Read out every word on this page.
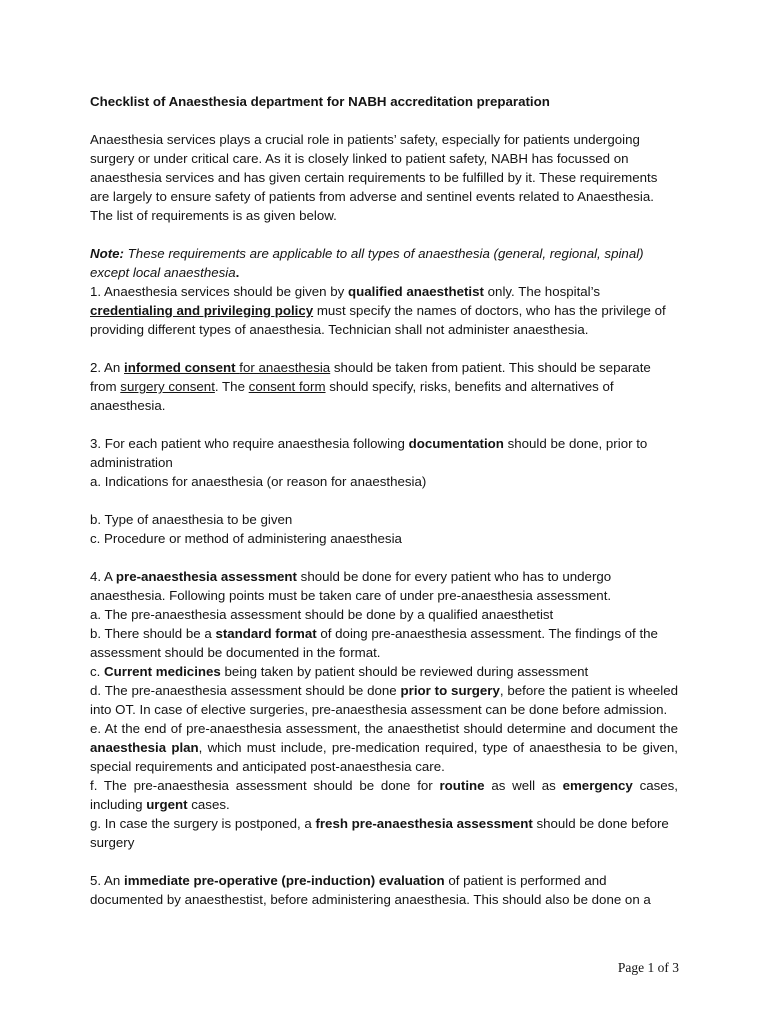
Checklist of Anaesthesia department for NABH accreditation preparation

Anaesthesia services plays a crucial role in patients’ safety, especially for patients undergoing surgery or under critical care. As it is closely linked to patient safety, NABH has focussed on anaesthesia services and has given certain requirements to be fulfilled by it. These requirements are largely to ensure safety of patients from adverse and sentinel events related to Anaesthesia. The list of requirements is as given below.

Note: These requirements are applicable to all types of anaesthesia (general, regional, spinal) except local anaesthesia.

1. Anaesthesia services should be given by qualified anaesthetist only. The hospital’s credentialing and privileging policy must specify the names of doctors, who has the privilege of providing different types of anaesthesia. Technician shall not administer anaesthesia.

2. An informed consent for anaesthesia should be taken from patient. This should be separate from surgery consent. The consent form should specify, risks, benefits and alternatives of anaesthesia.

3. For each patient who require anaesthesia following documentation should be done, prior to administration

a. Indications for anaesthesia (or reason for anaesthesia)

b. Type of anaesthesia to be given

c. Procedure or method of administering anaesthesia

4. A pre-anaesthesia assessment should be done for every patient who has to undergo anaesthesia. Following points must be taken care of under pre-anaesthesia assessment.

a. The pre-anaesthesia assessment should be done by a qualified anaesthetist

b. There should be a standard format of doing pre-anaesthesia assessment. The findings of the assessment should be documented in the format.

c. Current medicines being taken by patient should be reviewed during assessment

d. The pre-anaesthesia assessment should be done prior to surgery, before the patient is wheeled into OT. In case of elective surgeries, pre-anaesthesia assessment can be done before admission.

e. At the end of pre-anaesthesia assessment, the anaesthetist should determine and document the anaesthesia plan, which must include, pre-medication required, type of anaesthesia to be given, special requirements and anticipated post-anaesthesia care.

f. The pre-anaesthesia assessment should be done for routine as well as emergency cases, including urgent cases.

g. In case the surgery is postponed, a fresh pre-anaesthesia assessment should be done before surgery

5. An immediate pre-operative (pre-induction) evaluation of patient is performed and documented by anaesthestist, before administering anaesthesia. This should also be done on a

Page 1 of 3
